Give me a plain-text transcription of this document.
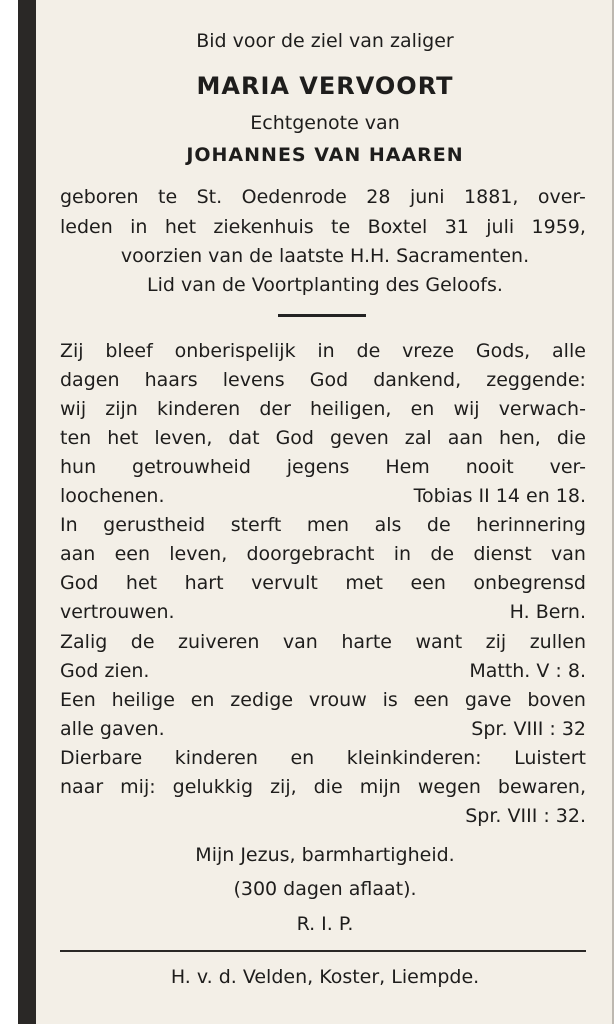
Bid voor de ziel van zaliger
MARIA VERVOORT
Echtgenote van
JOHANNES VAN HAAREN
geboren te St. Oedenrode 28 juni 1881, over-
leden in het ziekenhuis te Boxtel 31 juli 1959,
voorzien van de laatste H.H. Sacramenten.
Lid van de Voortplanting des Geloofs.
Zij bleef onberispelijk in de vreze Gods, alle
dagen haars levens God dankend, zeggende:
wij zijn kinderen der heiligen, en wij verwach-
ten het leven, dat God geven zal aan hen, die
hun getrouwheid jegens Hem nooit ver-
loochenen.	Tobias II 14 en 18.
In gerustheid sterft men als de herinnering
aan een leven, doorgebracht in de dienst van
God het hart vervult met een onbegrensd
vertrouwen.	H. Bern.
Zalig de zuiveren van harte want zij zullen
God zien.	Matth. V : 8.
Een heilige en zedige vrouw is een gave boven
alle gaven.	Spr. VIII : 32
Dierbare kinderen en kleinkinderen: Luistert
naar mij: gelukkig zij, die mijn wegen bewaren,
Spr. VIII : 32.
Mijn Jezus, barmhartigheid.
(300 dagen aflaat).
R. I. P.
H. v. d. Velden, Koster, Liempde.
